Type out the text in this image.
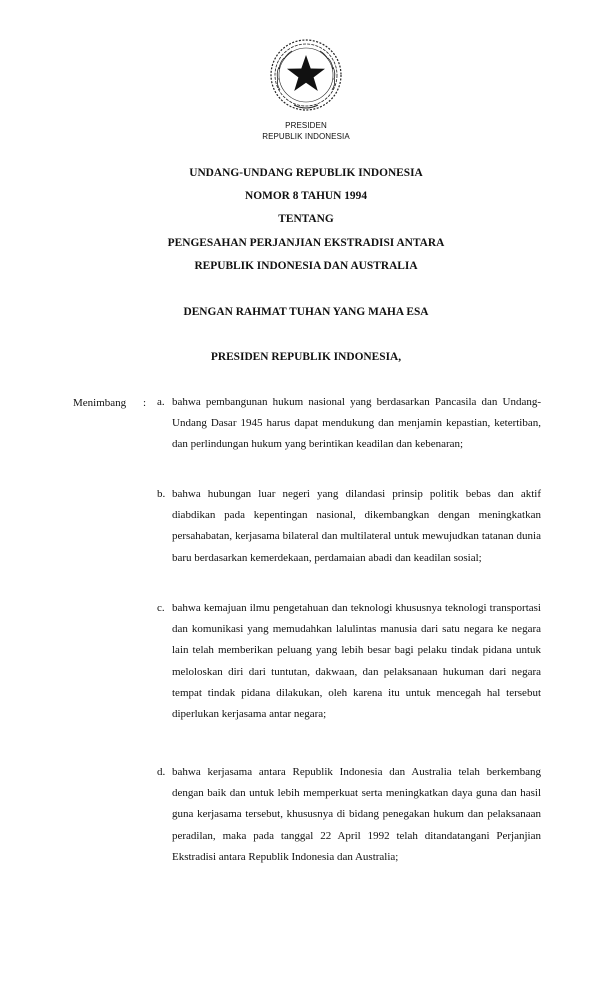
PRESIDEN
REPUBLIK INDONESIA
UNDANG-UNDANG REPUBLIK INDONESIA
NOMOR 8 TAHUN 1994
TENTANG
PENGESAHAN PERJANJIAN EKSTRADISI ANTARA
REPUBLIK INDONESIA DAN AUSTRALIA
DENGAN RAHMAT TUHAN YANG MAHA ESA
PRESIDEN REPUBLIK INDONESIA,
Menimbang : a. bahwa pembangunan hukum nasional yang berdasarkan Pancasila dan Undang-Undang Dasar 1945 harus dapat mendukung dan menjamin kepastian, ketertiban, dan perlindungan hukum yang berintikan keadilan dan kebenaran;
b. bahwa hubungan luar negeri yang dilandasi prinsip politik bebas dan aktif diabdikan pada kepentingan nasional, dikembangkan dengan meningkatkan persahabatan, kerjasama bilateral dan multilateral untuk mewujudkan tatanan dunia baru berdasarkan kemerdekaan, perdamaian abadi dan keadilan sosial;
c. bahwa kemajuan ilmu pengetahuan dan teknologi khususnya teknologi transportasi dan komunikasi yang memudahkan lalulintas manusia dari satu negara ke negara lain telah memberikan peluang yang lebih besar bagi pelaku tindak pidana untuk meloloskan diri dari tuntutan, dakwaan, dan pelaksanaan hukuman dari negara tempat tindak pidana dilakukan, oleh karena itu untuk mencegah hal tersebut diperlukan kerjasama antar negara;
d. bahwa kerjasama antara Republik Indonesia dan Australia telah berkembang dengan baik dan untuk lebih memperkuat serta meningkatkan daya guna dan hasil guna kerjasama tersebut, khususnya di bidang penegakan hukum dan pelaksanaan peradilan, maka pada tanggal 22 April 1992 telah ditandatangani Perjanjian Ekstradisi antara Republik Indonesia dan Australia;
